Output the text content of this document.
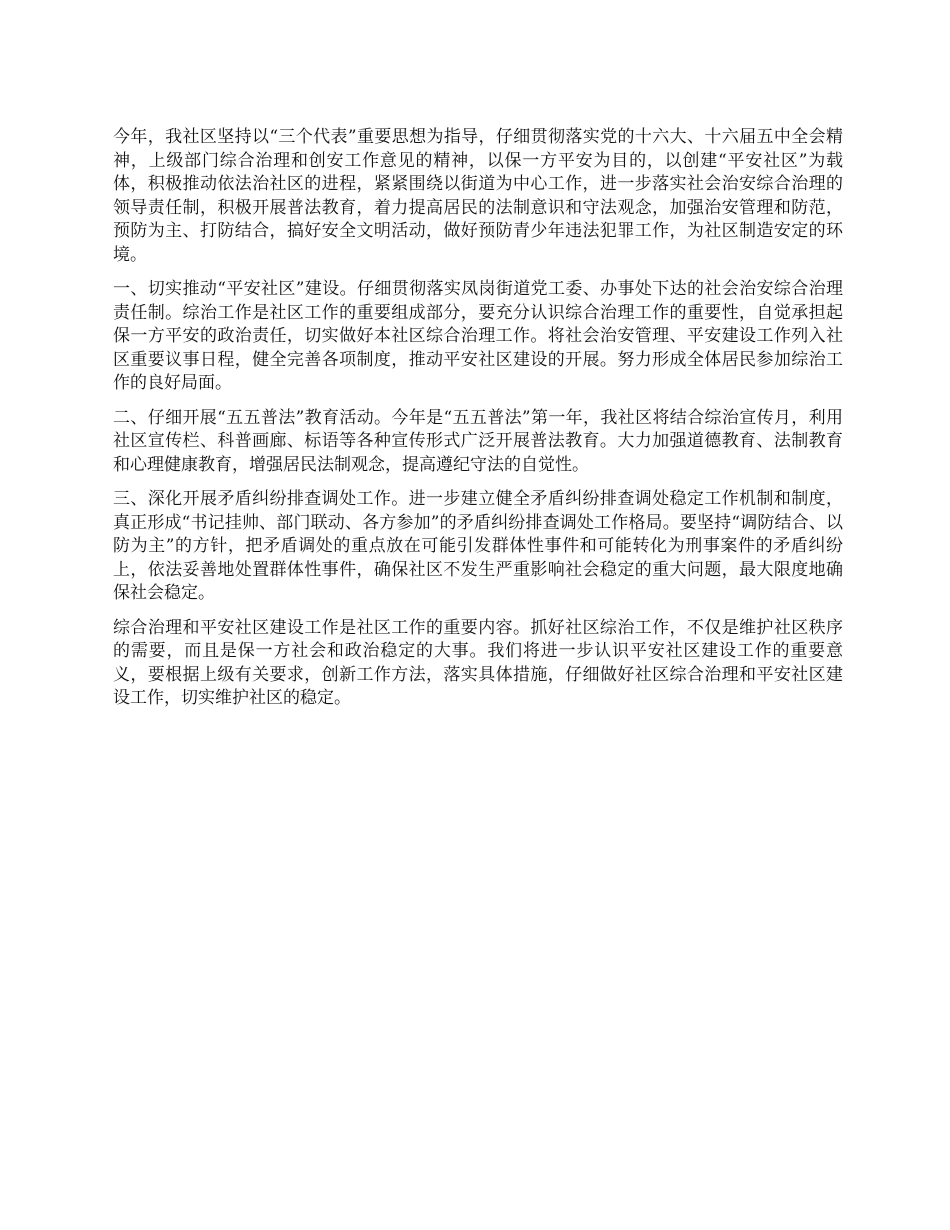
今年，我社区坚持以“三个代表”重要思想为指导，仔细贯彻落实党的十六大、十六届五中全会精神，上级部门综合治理和创安工作意见的精神，以保一方平安为目的，以创建“平安社区”为载体，积极推动依法治社区的进程，紧紧围绕以街道为中心工作，进一步落实社会治安综合治理的领导责任制，积极开展普法教育，着力提高居民的法制意识和守法观念，加强治安管理和防范，预防为主、打防结合，搞好安全文明活动，做好预防青少年违法犯罪工作，为社区制造安定的环境。

一、切实推动“平安社区”建设。仔细贯彻落实凤岗街道党工委、办事处下达的社会治安综合治理责任制。综治工作是社区工作的重要组成部分，要充分认识综合治理工作的重要性，自觉承担起保一方平安的政治责任，切实做好本社区综合治理工作。将社会治安管理、平安建设工作列入社区重要议事日程，健全完善各项制度，推动平安社区建设的开展。努力形成全体居民参加综治工作的良好局面。

二、仔细开展“五五普法”教育活动。今年是“五五普法”第一年，我社区将结合综治宣传月，利用社区宣传栏、科普画廊、标语等各种宣传形式广泛开展普法教育。大力加强道德教育、法制教育和心理健康教育，增强居民法制观念，提高遵纪守法的自觉性。

三、深化开展矛盾纠纷排查调处工作。进一步建立健全矛盾纠纷排查调处稳定工作机制和制度，真正形成“书记挂帅、部门联动、各方参加”的矛盾纠纷排查调处工作格局。要坚持“调防结合、以防为主”的方针，把矛盾调处的重点放在可能引发群体性事件和可能转化为刑事案件的矛盾纠纷上，依法妥善地处置群体性事件，确保社区不发生严重影响社会稳定的重大问题，最大限度地确保社会稳定。

综合治理和平安社区建设工作是社区工作的重要内容。抓好社区综治工作，不仅是维护社区秩序的需要，而且是保一方社会和政治稳定的大事。我们将进一步认识平安社区建设工作的重要意义，要根据上级有关要求，创新工作方法，落实具体措施，仔细做好社区综合治理和平安社区建设工作，切实维护社区的稳定。
